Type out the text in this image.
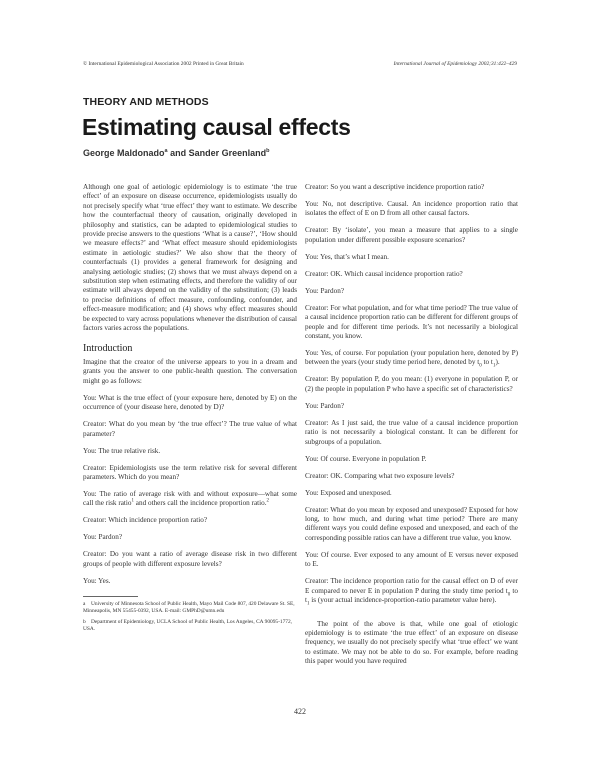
© International Epidemiological Association 2002 Printed in Great Britain	International Journal of Epidemiology 2002;31:422–429
THEORY AND METHODS
Estimating causal effects
George Maldonado$^a$ and Sander Greenland$^b$

Although one goal of aetiologic epidemiology is to estimate ‘the true effect’ of an exposure on disease occurrence, epidemiologists usually do not precisely specify what ‘true effect’ they want to estimate. We describe how the counterfactual theory of causation, originally developed in philosophy and statistics, can be adapted to epidemiological studies to provide precise answers to the questions ‘What is a cause?’, ‘How should we measure effects?’ and ‘What effect measure should epidemiologists estimate in aetiologic studies?’ We also show that the theory of counterfactuals (1) provides a general framework for designing and analysing aetiologic studies; (2) shows that we must always depend on a substitution step when estimating effects, and therefore the validity of our estimate will always depend on the validity of the substitution; (3) leads to precise definitions of effect measure, confounding, confounder, and effect-measure modification; and (4) shows why effect measures should be expected to vary across populations whenever the distribution of causal factors varies across the populations.

Introduction

Imagine that the creator of the universe appears to you in a dream and grants you the answer to one public-health question. The conversation might go as follows:

You: What is the true effect of (your exposure here, denoted by E) on the occurrence of (your disease here, denoted by D)?

Creator: What do you mean by ‘the true effect’? The true value of what parameter?

You: The true relative risk.

Creator: Epidemiologists use the term relative risk for several different parameters. Which do you mean?

You: The ratio of average risk with and without exposure—what some call the risk ratio$^1$ and others call the incidence proportion ratio.$^2$

Creator: Which incidence proportion ratio?

You: Pardon?

Creator: Do you want a ratio of average disease risk in two different groups of people with different exposure levels?

You: Yes.

a University of Minnesota School of Public Health, Mayo Mail Code 807, 420 Delaware St. SE, Minneapolis, MN 55455-0392, USA. E-mail: GMPhD@umn.edu

b Department of Epidemiology, UCLA School of Public Health, Los Angeles, CA 90095-1772, USA.

Creator: So you want a descriptive incidence proportion ratio?

You: No, not descriptive. Causal. An incidence proportion ratio that isolates the effect of E on D from all other causal factors.

Creator: By ‘isolate’, you mean a measure that applies to a single population under different possible exposure scenarios?

You: Yes, that’s what I mean.

Creator: OK. Which causal incidence proportion ratio?

You: Pardon?

Creator: For what population, and for what time period? The true value of a causal incidence proportion ratio can be different for different groups of people and for different time periods. It’s not necessarily a biological constant, you know.

You: Yes, of course. For population (your population here, denoted by P) between the years (your study time period here, denoted by $t_0$ to $t_1$).

Creator: By population P, do you mean: (1) everyone in population P, or (2) the people in population P who have a specific set of characteristics?

You: Pardon?

Creator: As I just said, the true value of a causal incidence proportion ratio is not necessarily a biological constant. It can be different for subgroups of a population.

You: Of course. Everyone in population P.

Creator: OK. Comparing what two exposure levels?

You: Exposed and unexposed.

Creator: What do you mean by exposed and unexposed? Exposed for how long, to how much, and during what time period? There are many different ways you could define exposed and unexposed, and each of the corresponding possible ratios can have a different true value, you know.

You: Of course. Ever exposed to any amount of E versus never exposed to E.

Creator: The incidence proportion ratio for the causal effect on D of ever E compared to never E in population P during the study time period $t_0$ to $t_1$ is (your actual incidence-proportion-ratio parameter value here).

The point of the above is that, while one goal of etiologic epidemiology is to estimate ‘the true effect’ of an exposure on disease frequency, we usually do not precisely specify what ‘true effect’ we want to estimate. We may not be able to do so. For example, before reading this paper would you have required

422
